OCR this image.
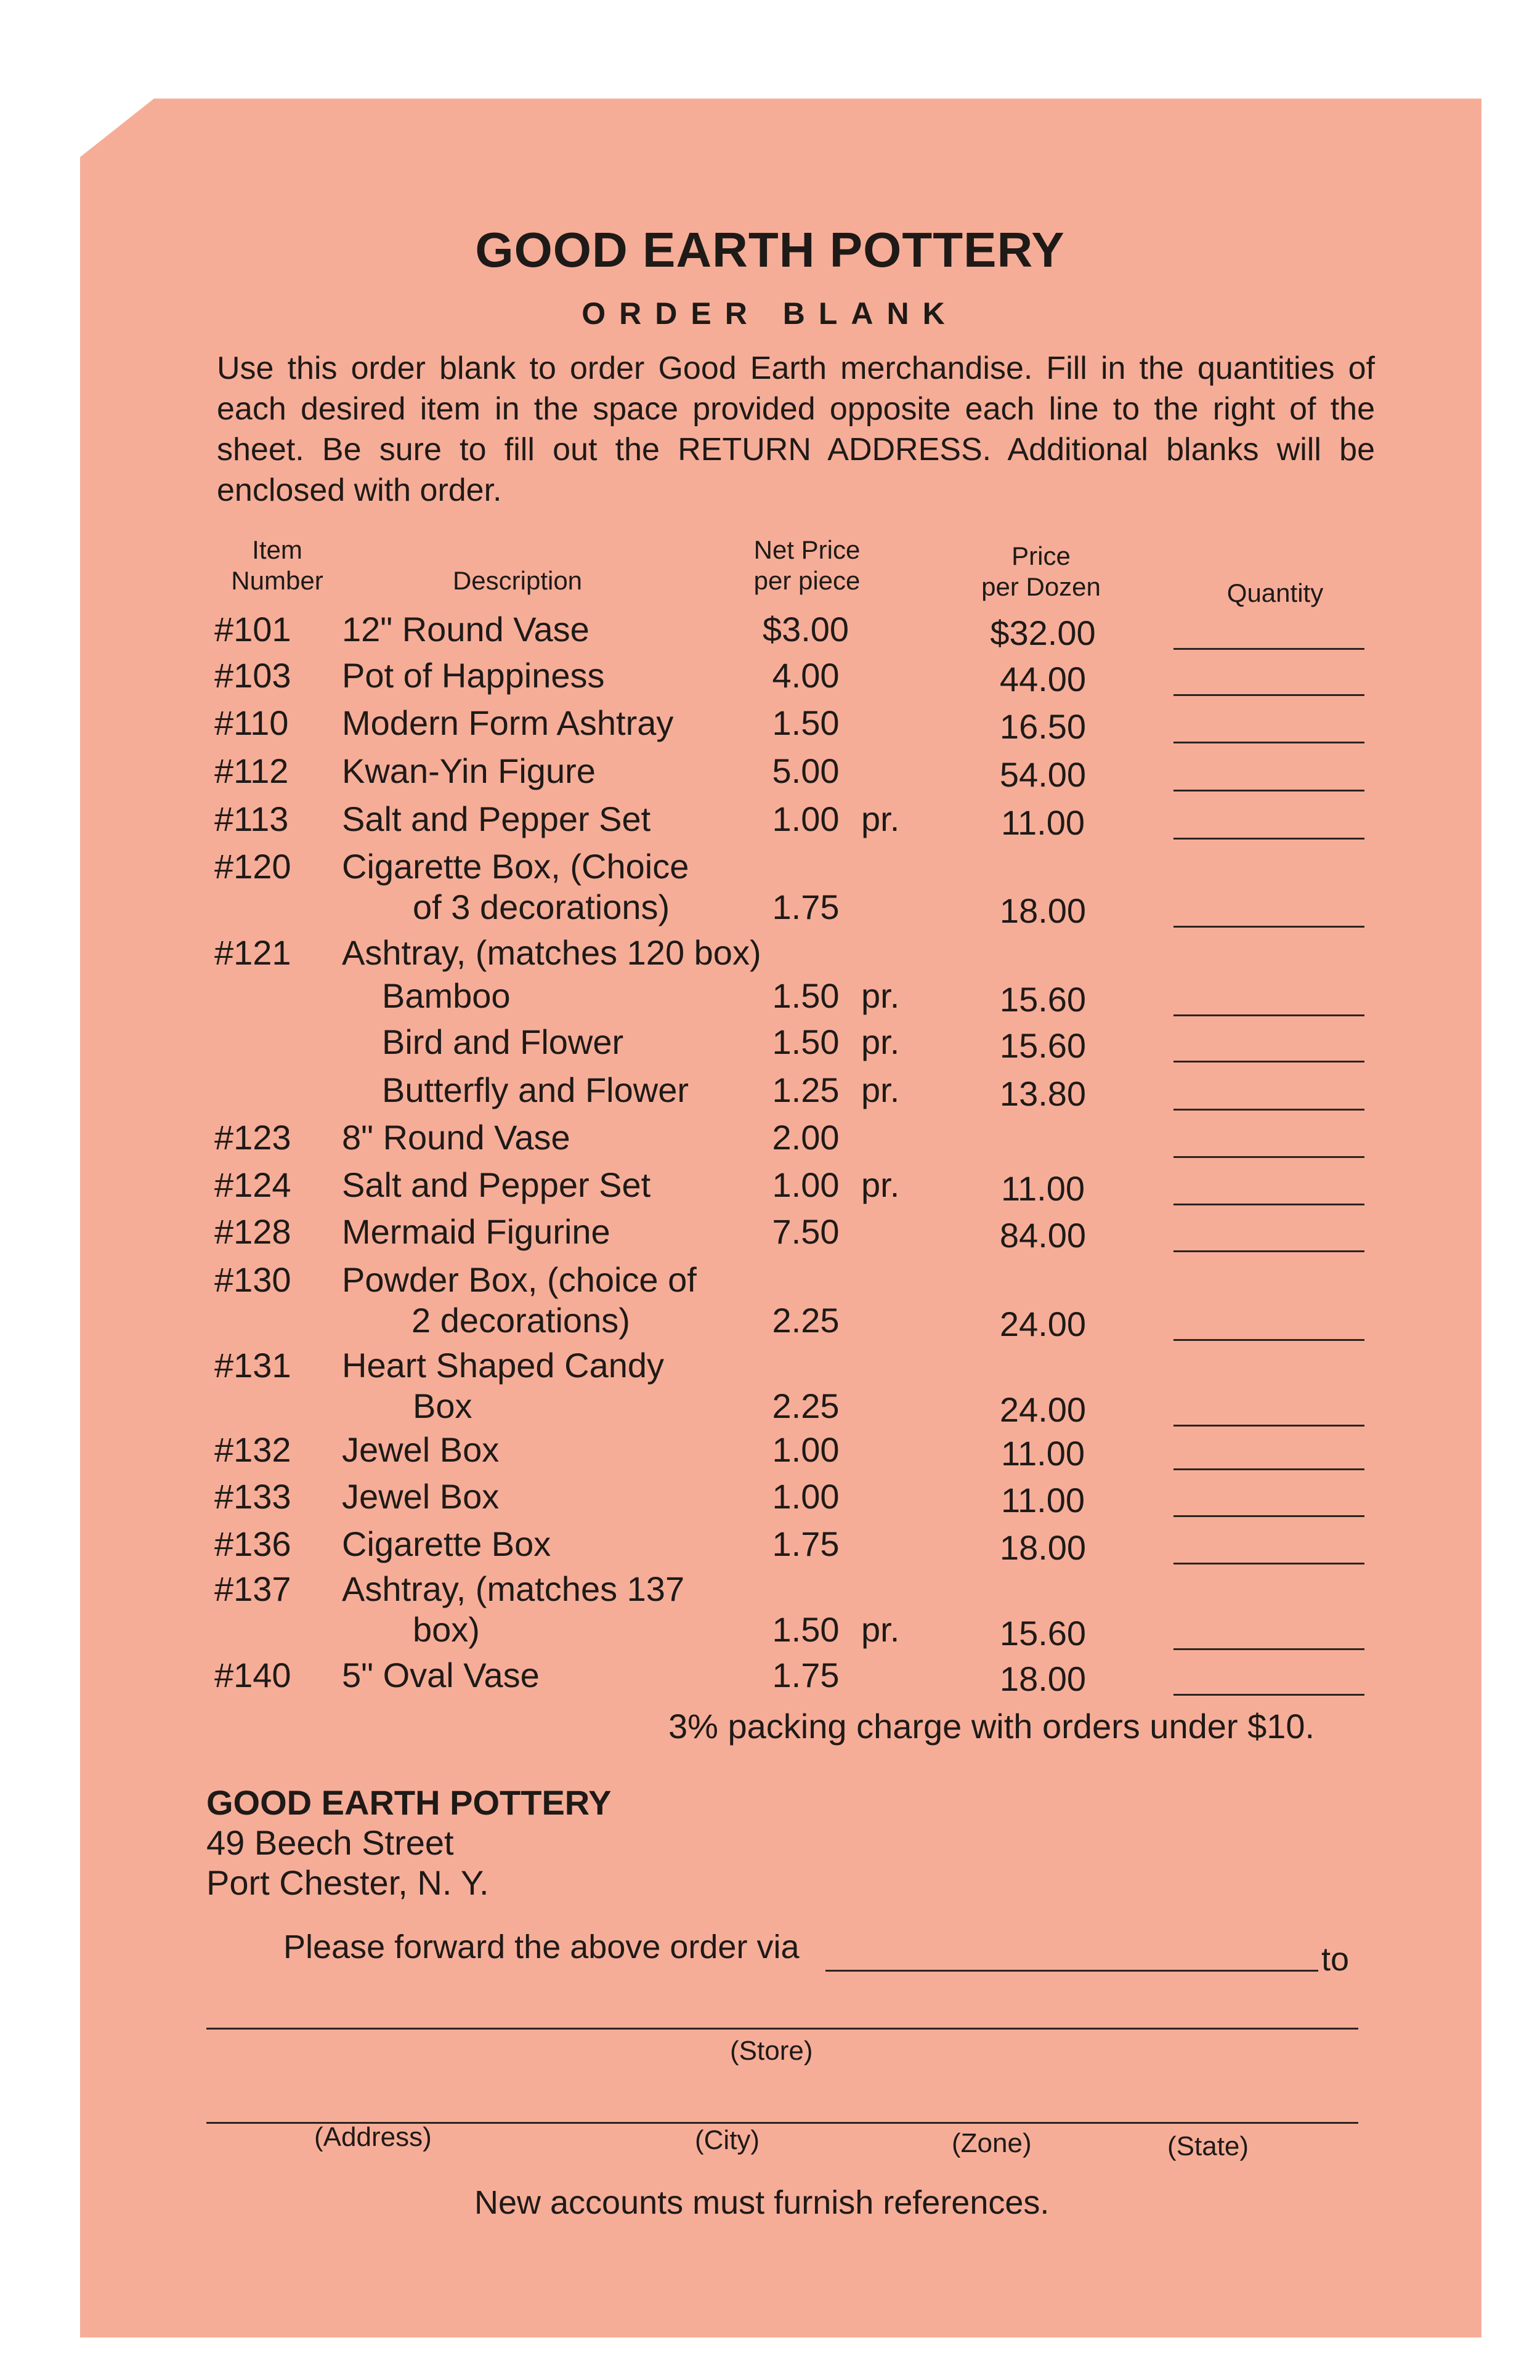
GOOD EARTH POTTERY
ORDER BLANK
Use this order blank to order Good Earth merchandise. Fill in the quantities of each desired item in the space provided opposite each line to the right of the sheet. Be sure to fill out the RETURN ADDRESS. Additional blanks will be enclosed with order.
Item
Number	Description
Net Price
per piece
Price
per Dozen	Quantity
#101 12" Round Vase	$3.00	$32.00
#103 Pot of Happiness	4.00	44.00
#110 Modern Form Ashtray	1.50	16.50
#112 Kwan-Yin Figure	5.00	54.00
#113 Salt and Pepper Set	1.00 pr.	11.00
#120 Cigarette Box, (Choice
of 3 decorations)	1.75	18.00
#121 Ashtray, (matches 120 box)
Bamboo	1.50 pr.	15.60
Bird and Flower	1.50 pr.	15.60
Butterfly and Flower	1.25 pr.	13.80
#123 8" Round Vase	2.00
#124 Salt and Pepper Set	1.00 pr.	11.00
#128 Mermaid Figurine	7.50	84.00
#130 Powder Box, (choice of
2 decorations)	2.25	24.00
#131 Heart Shaped Candy
Box	2.25	24.00
#132 Jewel Box	1.00	11.00
#133 Jewel Box	1.00	11.00
#136 Cigarette Box	1.75	18.00
#137 Ashtray, (matches 137
box)	1.50 pr.	15.60
#140 5" Oval Vase	1.75	18.00
3% packing charge with orders under $10.
GOOD EARTH POTTERY
49 Beech Street
Port Chester, N. Y.
Please forward the above order via	to
(Store)
(Address)	(City)	(Zone)	(State)
New accounts must furnish references.
